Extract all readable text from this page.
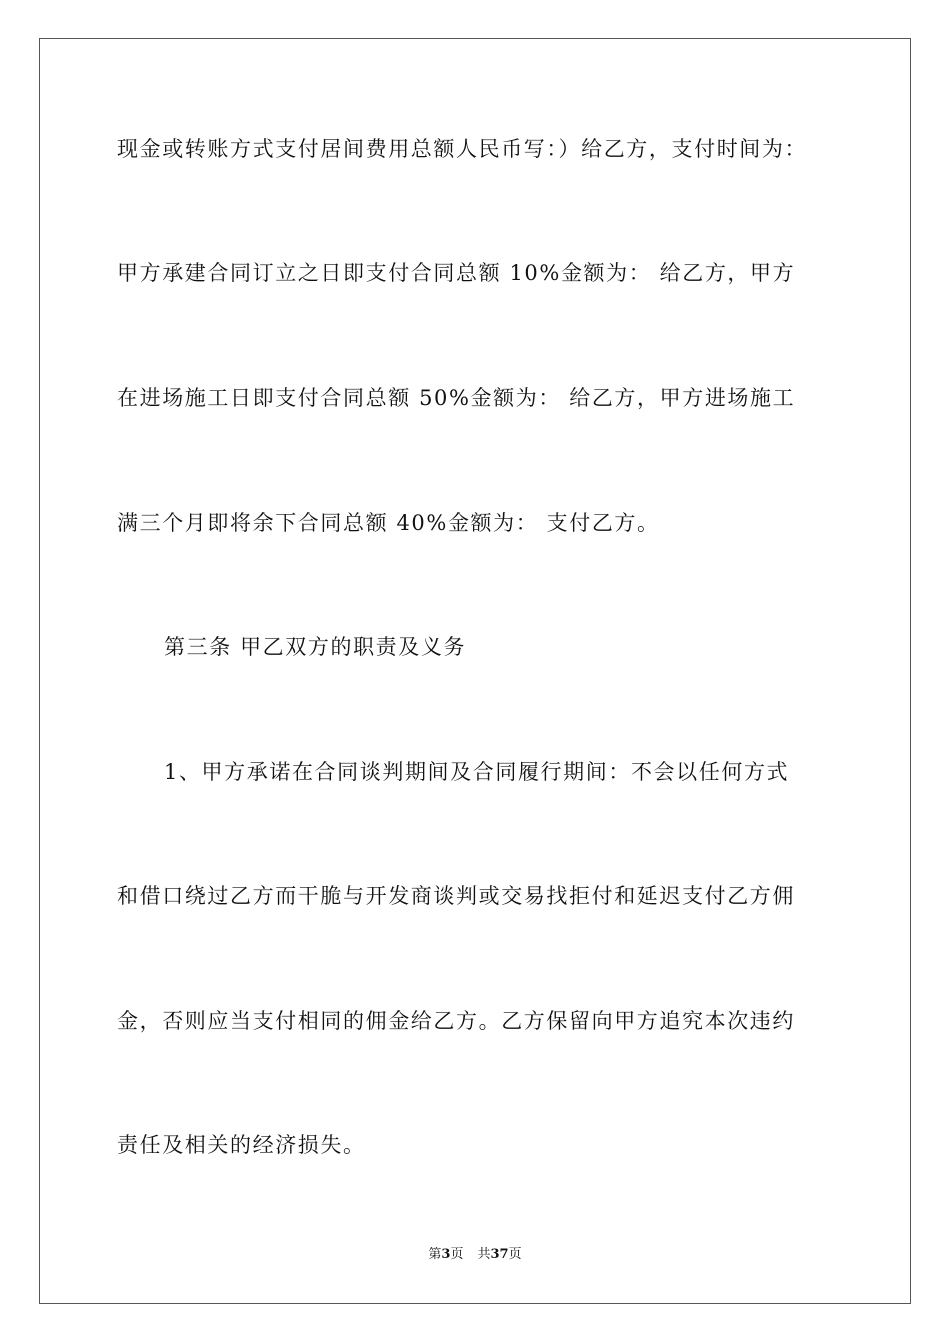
现金或转账方式支付居间费用总额人民币写：）给乙方，支付时间为：
甲方承建合同订立之日即支付合同总额 10%金额为： 给乙方，甲方
在进场施工日即支付合同总额 50%金额为： 给乙方，甲方进场施工
满三个月即将余下合同总额 40%金额为： 支付乙方。
第三条 甲乙双方的职责及义务
1、甲方承诺在合同谈判期间及合同履行期间：不会以任何方式
和借口绕过乙方而干脆与开发商谈判或交易找拒付和延迟支付乙方佣
金，否则应当支付相同的佣金给乙方。乙方保留向甲方追究本次违约
责任及相关的经济损失。
第3页 共37页
